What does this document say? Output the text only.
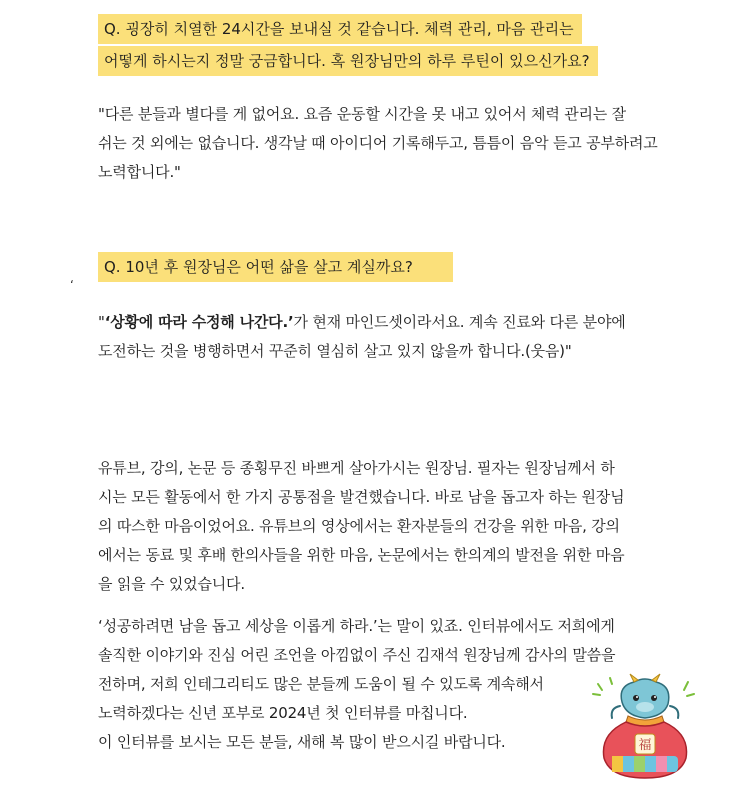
Q. 굉장히 치열한 24시간을 보내실 것 같습니다. 체력 관리, 마음 관리는
어떻게 하시는지 정말 궁금합니다. 혹 원장님만의 하루 루틴이 있으신가요?
"다른 분들과 별다를 게 없어요. 요즘 운동할 시간을 못 내고 있어서 체력 관리는 잘
쉬는 것 외에는 없습니다. 생각날 때 아이디어 기록해두고, 틈틈이 음악 듣고 공부하려고
노력합니다."
Q. 10년 후 원장님은 어떤 삶을 살고 계실까요?
‘
"‘상황에 따라 수정해 나간다.’가 현재 마인드셋이라서요. 계속 진료와 다른 분야에
도전하는 것을 병행하면서 꾸준히 열심히 살고 있지 않을까 합니다.(웃음)"
유튜브, 강의, 논문 등 종횡무진 바쁘게 살아가시는 원장님. 필자는 원장님께서 하
시는 모든 활동에서 한 가지 공통점을 발견했습니다. 바로 남을 돕고자 하는 원장님
의 따스한 마음이었어요. 유튜브의 영상에서는 환자분들의 건강을 위한 마음, 강의
에서는 동료 및 후배 한의사들을 위한 마음, 논문에서는 한의계의 발전을 위한 마음
을 읽을 수 있었습니다.
‘성공하려면 남을 돕고 세상을 이롭게 하라.’는 말이 있죠. 인터뷰에서도 저희에게
솔직한 이야기와 진심 어린 조언을 아낌없이 주신 김재석 원장님께 감사의 말씀을
전하며, 저희 인테그리티도 많은 분들께 도움이 될 수 있도록 계속해서
노력하겠다는 신년 포부로 2024년 첫 인터뷰를 마칩니다.
이 인터뷰를 보시는 모든 분들, 새해 복 많이 받으시길 바랍니다.	福
